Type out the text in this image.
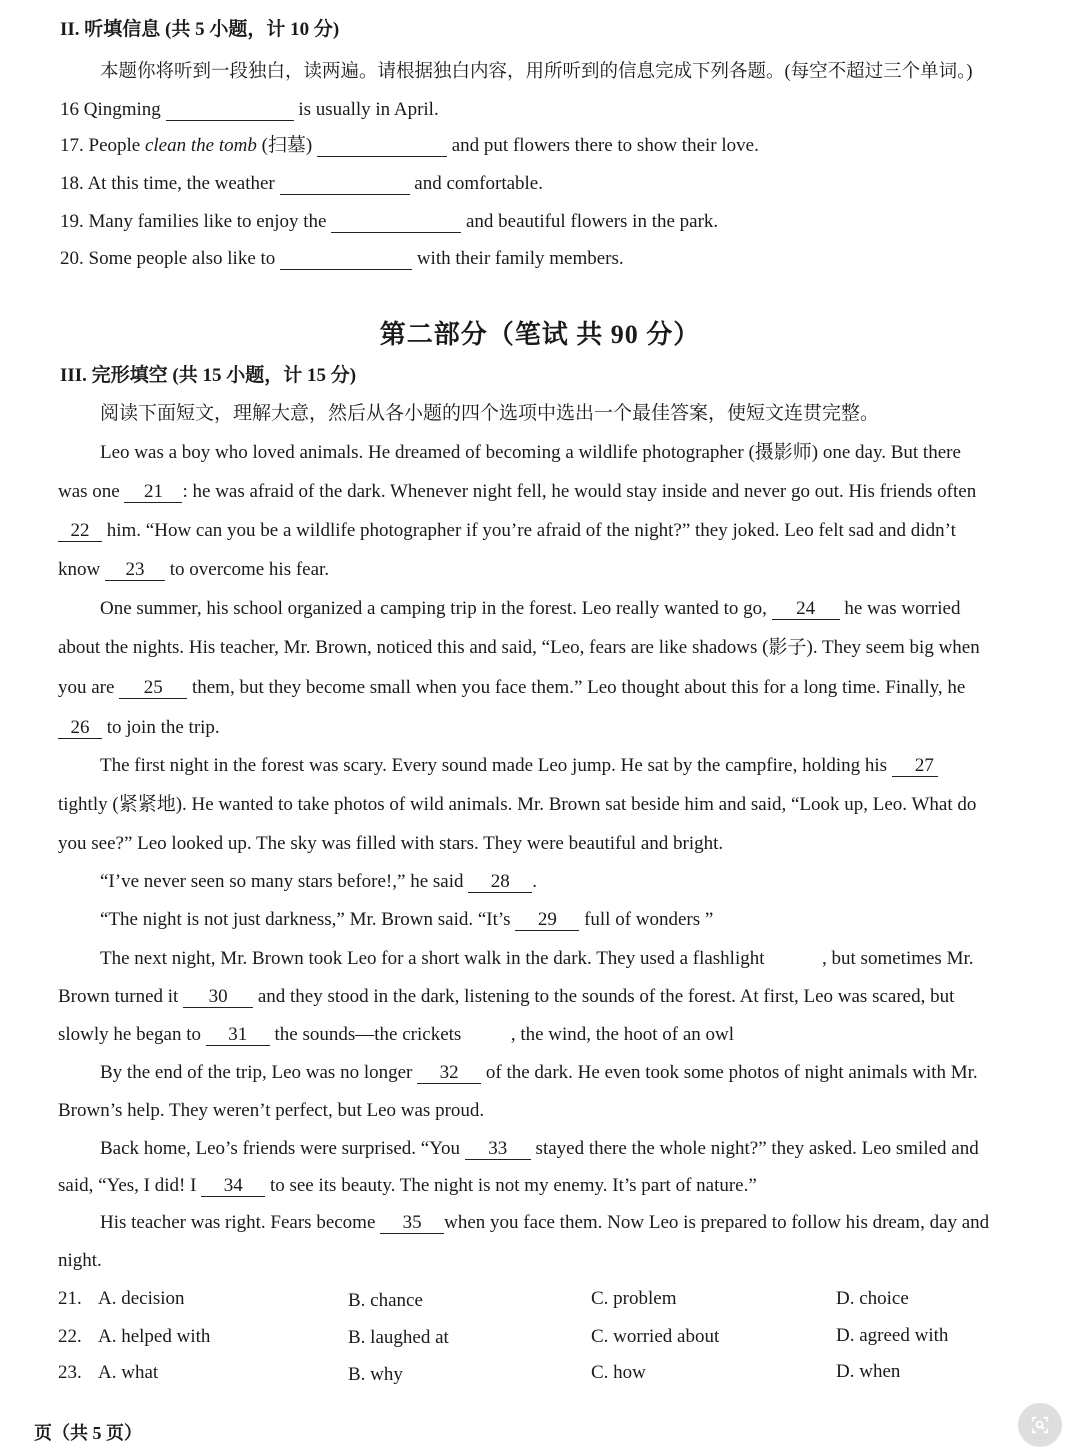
II. 听填信息 (共 5 小题，计 10 分)
本题你将听到一段独白，读两遍。请根据独白内容，用所听到的信息完成下列各题。(每空不超过三个单词。)
16 Qingming	is usually in April.
17. People clean the tomb (扫墓)	and put flowers there to show their love.
18. At this time, the weather	and comfortable.
19. Many families like to enjoy the	and beautiful flowers in the park.
20. Some people also like to	with their family members.
第二部分（笔试 共 90 分）
III. 完形填空 (共 15 小题，计 15 分)
阅读下面短文，理解大意，然后从各小题的四个选项中选出一个最佳答案，使短文连贯完整。
Leo was a boy who loved animals. He dreamed of becoming a wildlife photographer (摄影师) one day. But there
was one 21 : he was afraid of the dark. Whenever night fell, he would stay inside and never go out. His friends often
22 him. “How can you be a wildlife photographer if you’re afraid of the night?” they joked. Leo felt sad and didn’t
know 23 to overcome his fear.
One summer, his school organized a camping trip in the forest. Leo really wanted to go, 24 he was worried
about the nights. His teacher, Mr. Brown, noticed this and said, “Leo, fears are like shadows (影子). They seem big when
you are 25 them, but they become small when you face them.” Leo thought about this for a long time. Finally, he
26 to join the trip.
The first night in the forest was scary. Every sound made Leo jump. He sat by the campfire, holding his 27
tightly (紧紧地). He wanted to take photos of wild animals. Mr. Brown sat beside him and said, “Look up, Leo. What do
you see?” Leo looked up. The sky was filled with stars. They were beautiful and bright.
“I’ve never seen so many stars before!,” he said 28 .
“The night is not just darkness,” Mr. Brown said. “It’s 29 full of wonders ”
The next night, Mr. Brown took Leo for a short walk in the dark. They used a flashlight	, but sometimes Mr.
Brown turned it 30 and they stood in the dark, listening to the sounds of the forest. At first, Leo was scared, but
slowly he began to 31 the sounds—the crickets	, the wind, the hoot of an owl
By the end of the trip, Leo was no longer 32 of the dark. He even took some photos of night animals with Mr.
Brown’s help. They weren’t perfect, but Leo was proud.
Back home, Leo’s friends were surprised. “You 33 stayed there the whole night?” they asked. Leo smiled and
said, “Yes, I did! I 34 to see its beauty. The night is not my enemy. It’s part of nature.”
His teacher was right. Fears become 35 when you face them. Now Leo is prepared to follow his dream, day and
night.
21. A. decision	B. chance	C. problem	D. choice
22. A. helped with	B. laughed at	C. worried about	D. agreed with
23. A. what	B. why	C. how	D. when
页（共 5 页）
